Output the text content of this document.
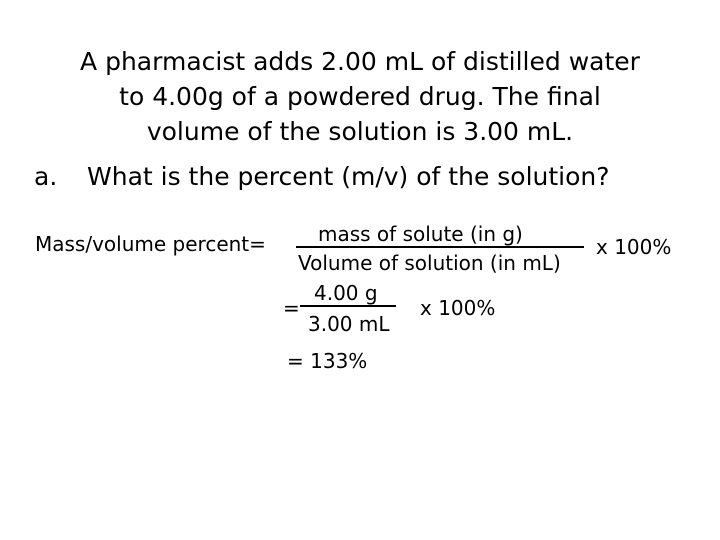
A pharmacist adds 2.00 mL of distilled water
to 4.00g of a powdered drug. The final
volume of the solution is 3.00 mL.
a. What is the percent (m/v) of the solution?
Mass/volume percent=	mass of solute (in g)
Volume of solution (in mL)
x 100%
=
4.00 g
3.00 mL
x 100%
= 133%
